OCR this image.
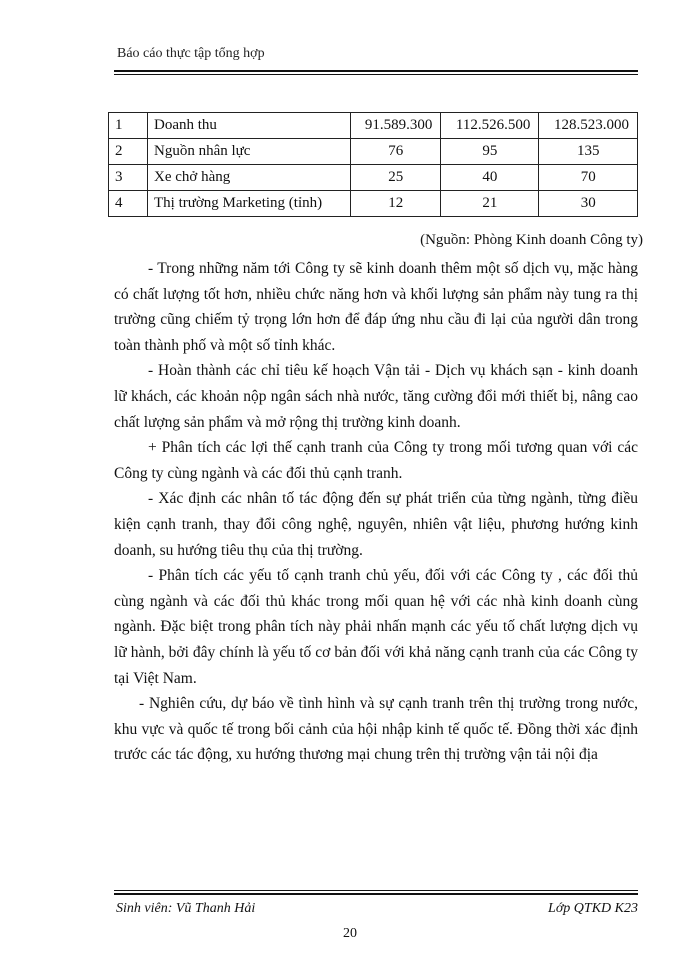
Báo cáo thực tập tổng hợp
1	Doanh thu	91.589.300	112.526.500	128.523.000
2	Nguồn nhân lực	76	95	135
3	Xe chở hàng	25	40	70
4	Thị trường Marketing (tỉnh)	12	21	30
(Nguồn: Phòng Kinh doanh Công ty)

- Trong những năm tới Công ty sẽ kinh doanh thêm một số dịch vụ, mặc hàng có chất lượng tốt hơn, nhiều chức năng hơn và khối lượng sản phẩm này tung ra thị trường cũng chiếm tỷ trọng lớn hơn để đáp ứng nhu cầu đi lại của người dân trong toàn thành phố và một số tỉnh khác.

- Hoàn thành các chỉ tiêu kế hoạch Vận tải - Dịch vụ khách sạn - kinh doanh lữ khách, các khoản nộp ngân sách nhà nước, tăng cường đổi mới thiết bị, nâng cao chất lượng sản phẩm và mở rộng thị trường kinh doanh.

+ Phân tích các lợi thế cạnh tranh của Công ty trong mối tương quan với các Công ty cùng ngành và các đối thủ cạnh tranh.

- Xác định các nhân tố tác động đến sự phát triển của từng ngành, từng điều kiện cạnh tranh, thay đổi công nghệ, nguyên, nhiên vật liệu, phương hướng kinh doanh, su hướng tiêu thụ của thị trường.

- Phân tích các yếu tố cạnh tranh chủ yếu, đối với các Công ty , các đối thủ cùng ngành và các đối thủ khác trong mối quan hệ với các nhà kinh doanh cùng ngành. Đặc biệt trong phân tích này phải nhấn mạnh các yếu tố chất lượng dịch vụ lữ hành, bởi đây chính là yếu tố cơ bản đối với khả năng cạnh tranh của các Công ty tại Việt Nam.

- Nghiên cứu, dự báo về tình hình và sự cạnh tranh trên thị trường trong nước, khu vực và quốc tế trong bối cảnh của hội nhập kinh tế quốc tế. Đồng thời xác định trước các tác động, xu hướng thương mại chung trên thị trường vận tải nội địa

Sinh viên: Vũ Thanh Hải	Lớp QTKD K23
20
